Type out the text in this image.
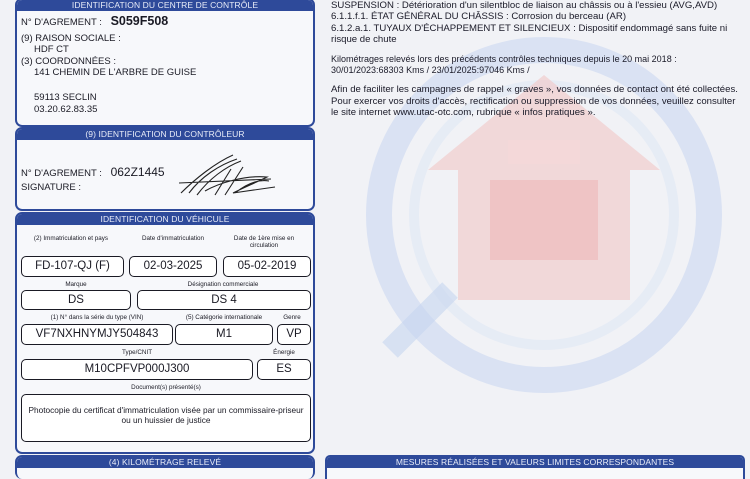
IDENTIFICATION DU CENTRE DE CONTRÔLE
N° D'AGREMENT : S059F508
(9) RAISON SOCIALE :
HDF CT
(3) COORDONNÉES :
141 CHEMIN DE L'ARBRE DE GUISE
59113 SECLIN
03.20.62.83.35
(9) IDENTIFICATION DU CONTRÔLEUR
N° D'AGREMENT : 062Z1445
SIGNATURE :
IDENTIFICATION DU VÉHICULE
(2) Immatriculation et pays	Date d'immatriculation	Date de 1ère mise en circulation
FD-107-QJ (F)	02-03-2025	05-02-2019
Marque	Désignation commerciale
DS	DS 4
(1) N° dans la série du type (VIN)	(5) Catégorie internationale	Genre
VF7NXHNYMJY504843	M1	VP
Type/CNIT	Énergie
M10CPFVP000J300	ES
Document(s) présenté(s)
Photocopie du certificat d'immatriculation visée par un commissaire-priseur ou un huissier de justice
(4) KILOMÉTRAGE RELEVÉ

SUSPENSION : Détérioration d'un silentbloc de liaison au châssis ou à l'essieu (AVG,AVD)

6.1.1.f.1. ÉTAT GÉNÉRAL DU CHÂSSIS : Corrosion du berceau (AR)

6.1.2.a.1. TUYAUX D'ÉCHAPPEMENT ET SILENCIEUX : Dispositif endommagé sans fuite ni risque de chute

Kilométrages relevés lors des précédents contrôles techniques depuis le 20 mai 2018 :

30/01/2023:68303 Kms / 23/01/2025:97046 Kms /

Afin de faciliter les campagnes de rappel « graves », vos données de contact ont été collectées. Pour exercer vos droits d'accès, rectification ou suppression de vos données, veuillez consulter le site internet www.utac-otc.com, rubrique « infos pratiques ».

MESURES RÉALISÉES ET VALEURS LIMITES CORRESPONDANTES
